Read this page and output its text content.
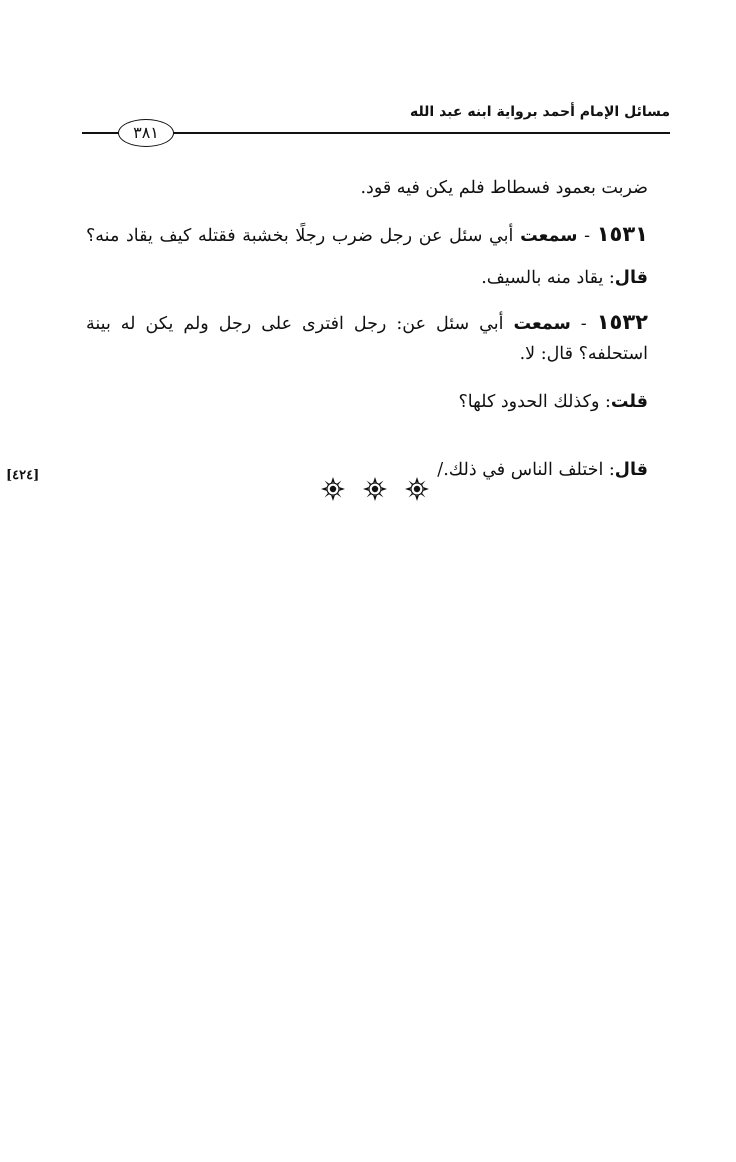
مسائل الإمام أحمد برواية ابنه عبد الله
٣٨١
ضربت بعمود فسطاط فلم يكن فيه قود.
١٥٣١ - سمعت أبي سئل عن رجل ضرب رجلًا بخشبة فقتله كيف يقاد منه؟
قال: يقاد منه بالسيف.
١٥٣٢ - سمعت أبي سئل عن: رجل افترى على رجل ولم يكن له بينة
استحلفه؟ قال: لا.
قلت: وكذلك الحدود كلها؟
قال: اختلف الناس في ذلك./
[٤٢٤]
